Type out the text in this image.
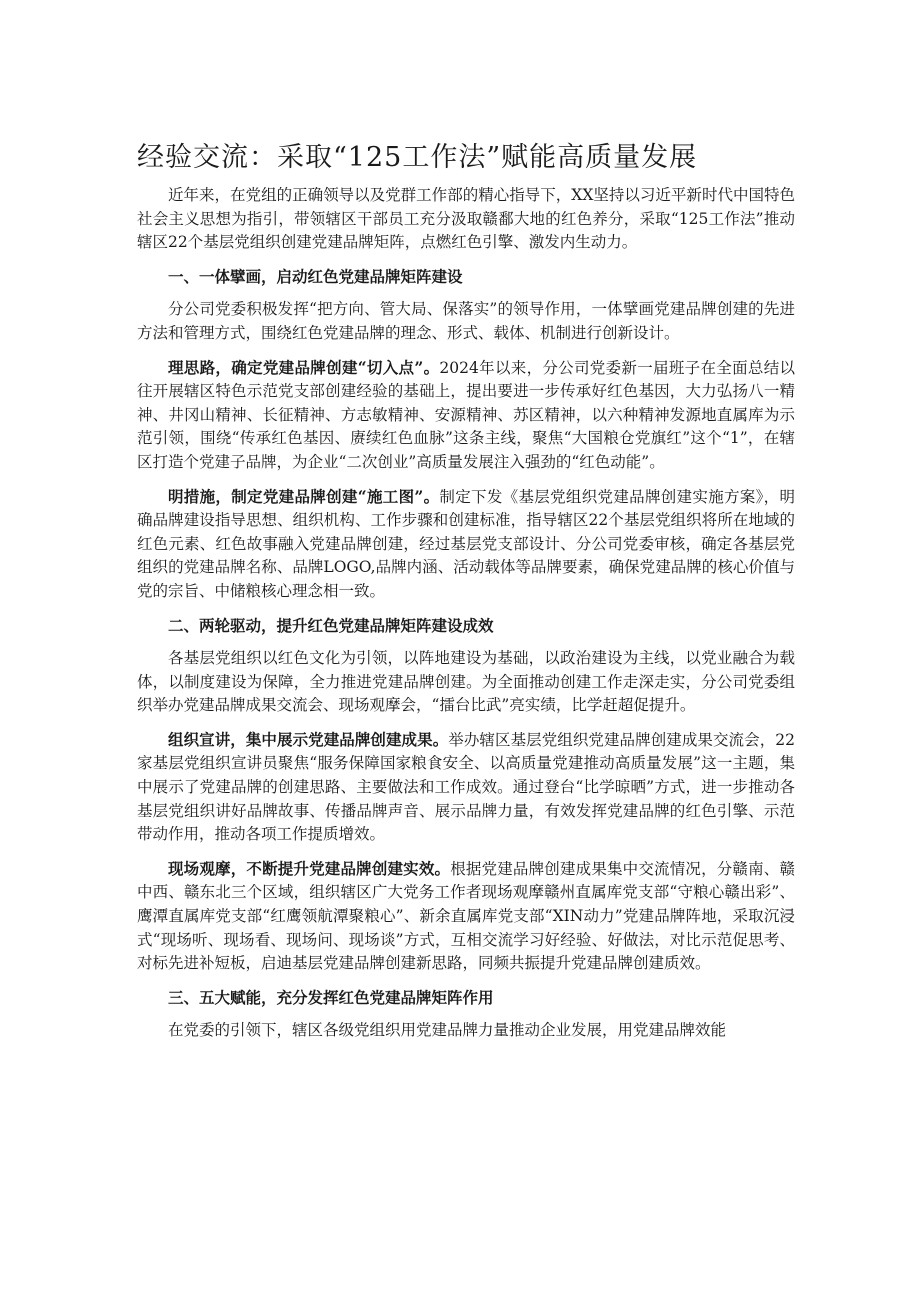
经验交流：采取“125工作法”赋能高质量发展

近年来，在党组的正确领导以及党群工作部的精心指导下，XX坚持以习近平新时代中国特色社会主义思想为指引，带领辖区干部员工充分汲取赣鄱大地的红色养分，采取“125工作法”推动辖区22个基层党组织创建党建品牌矩阵，点燃红色引擎、激发内生动力。

一、一体擘画，启动红色党建品牌矩阵建设

分公司党委积极发挥“把方向、管大局、保落实”的领导作用，一体擘画党建品牌创建的先进方法和管理方式，围绕红色党建品牌的理念、形式、载体、机制进行创新设计。

理思路，确定党建品牌创建“切入点”。2024年以来，分公司党委新一届班子在全面总结以往开展辖区特色示范党支部创建经验的基础上，提出要进一步传承好红色基因，大力弘扬八一精神、井冈山精神、长征精神、方志敏精神、安源精神、苏区精神，以六种精神发源地直属库为示范引领，围绕“传承红色基因、赓续红色血脉”这条主线，聚焦“大国粮仓党旗红”这个“1”，在辖区打造个党建子品牌，为企业“二次创业”高质量发展注入强劲的“红色动能”。

明措施，制定党建品牌创建“施工图”。制定下发《基层党组织党建品牌创建实施方案》，明确品牌建设指导思想、组织机构、工作步骤和创建标准，指导辖区22个基层党组织将所在地域的红色元素、红色故事融入党建品牌创建，经过基层党支部设计、分公司党委审核，确定各基层党组织的党建品牌名称、品牌LOGO,品牌内涵、活动载体等品牌要素，确保党建品牌的核心价值与党的宗旨、中储粮核心理念相一致。

二、两轮驱动，提升红色党建品牌矩阵建设成效

各基层党组织以红色文化为引领，以阵地建设为基础，以政治建设为主线，以党业融合为载体，以制度建设为保障，全力推进党建品牌创建。为全面推动创建工作走深走实，分公司党委组织举办党建品牌成果交流会、现场观摩会，“擂台比武”亮实绩，比学赶超促提升。

组织宣讲，集中展示党建品牌创建成果。举办辖区基层党组织党建品牌创建成果交流会，22家基层党组织宣讲员聚焦“服务保障国家粮食安全、以高质量党建推动高质量发展”这一主题，集中展示了党建品牌的创建思路、主要做法和工作成效。通过登台“比学晾晒”方式，进一步推动各基层党组织讲好品牌故事、传播品牌声音、展示品牌力量，有效发挥党建品牌的红色引擎、示范带动作用，推动各项工作提质增效。

现场观摩，不断提升党建品牌创建实效。根据党建品牌创建成果集中交流情况，分赣南、赣中西、赣东北三个区域，组织辖区广大党务工作者现场观摩赣州直属库党支部“守粮心赣出彩”、鹰潭直属库党支部“红鹰领航潭聚粮心”、新余直属库党支部“XIN动力”党建品牌阵地，采取沉浸式“现场听、现场看、现场问、现场谈”方式，互相交流学习好经验、好做法，对比示范促思考、对标先进补短板，启迪基层党建品牌创建新思路，同频共振提升党建品牌创建质效。

三、五大赋能，充分发挥红色党建品牌矩阵作用

在党委的引领下，辖区各级党组织用党建品牌力量推动企业发展，用党建品牌效能
